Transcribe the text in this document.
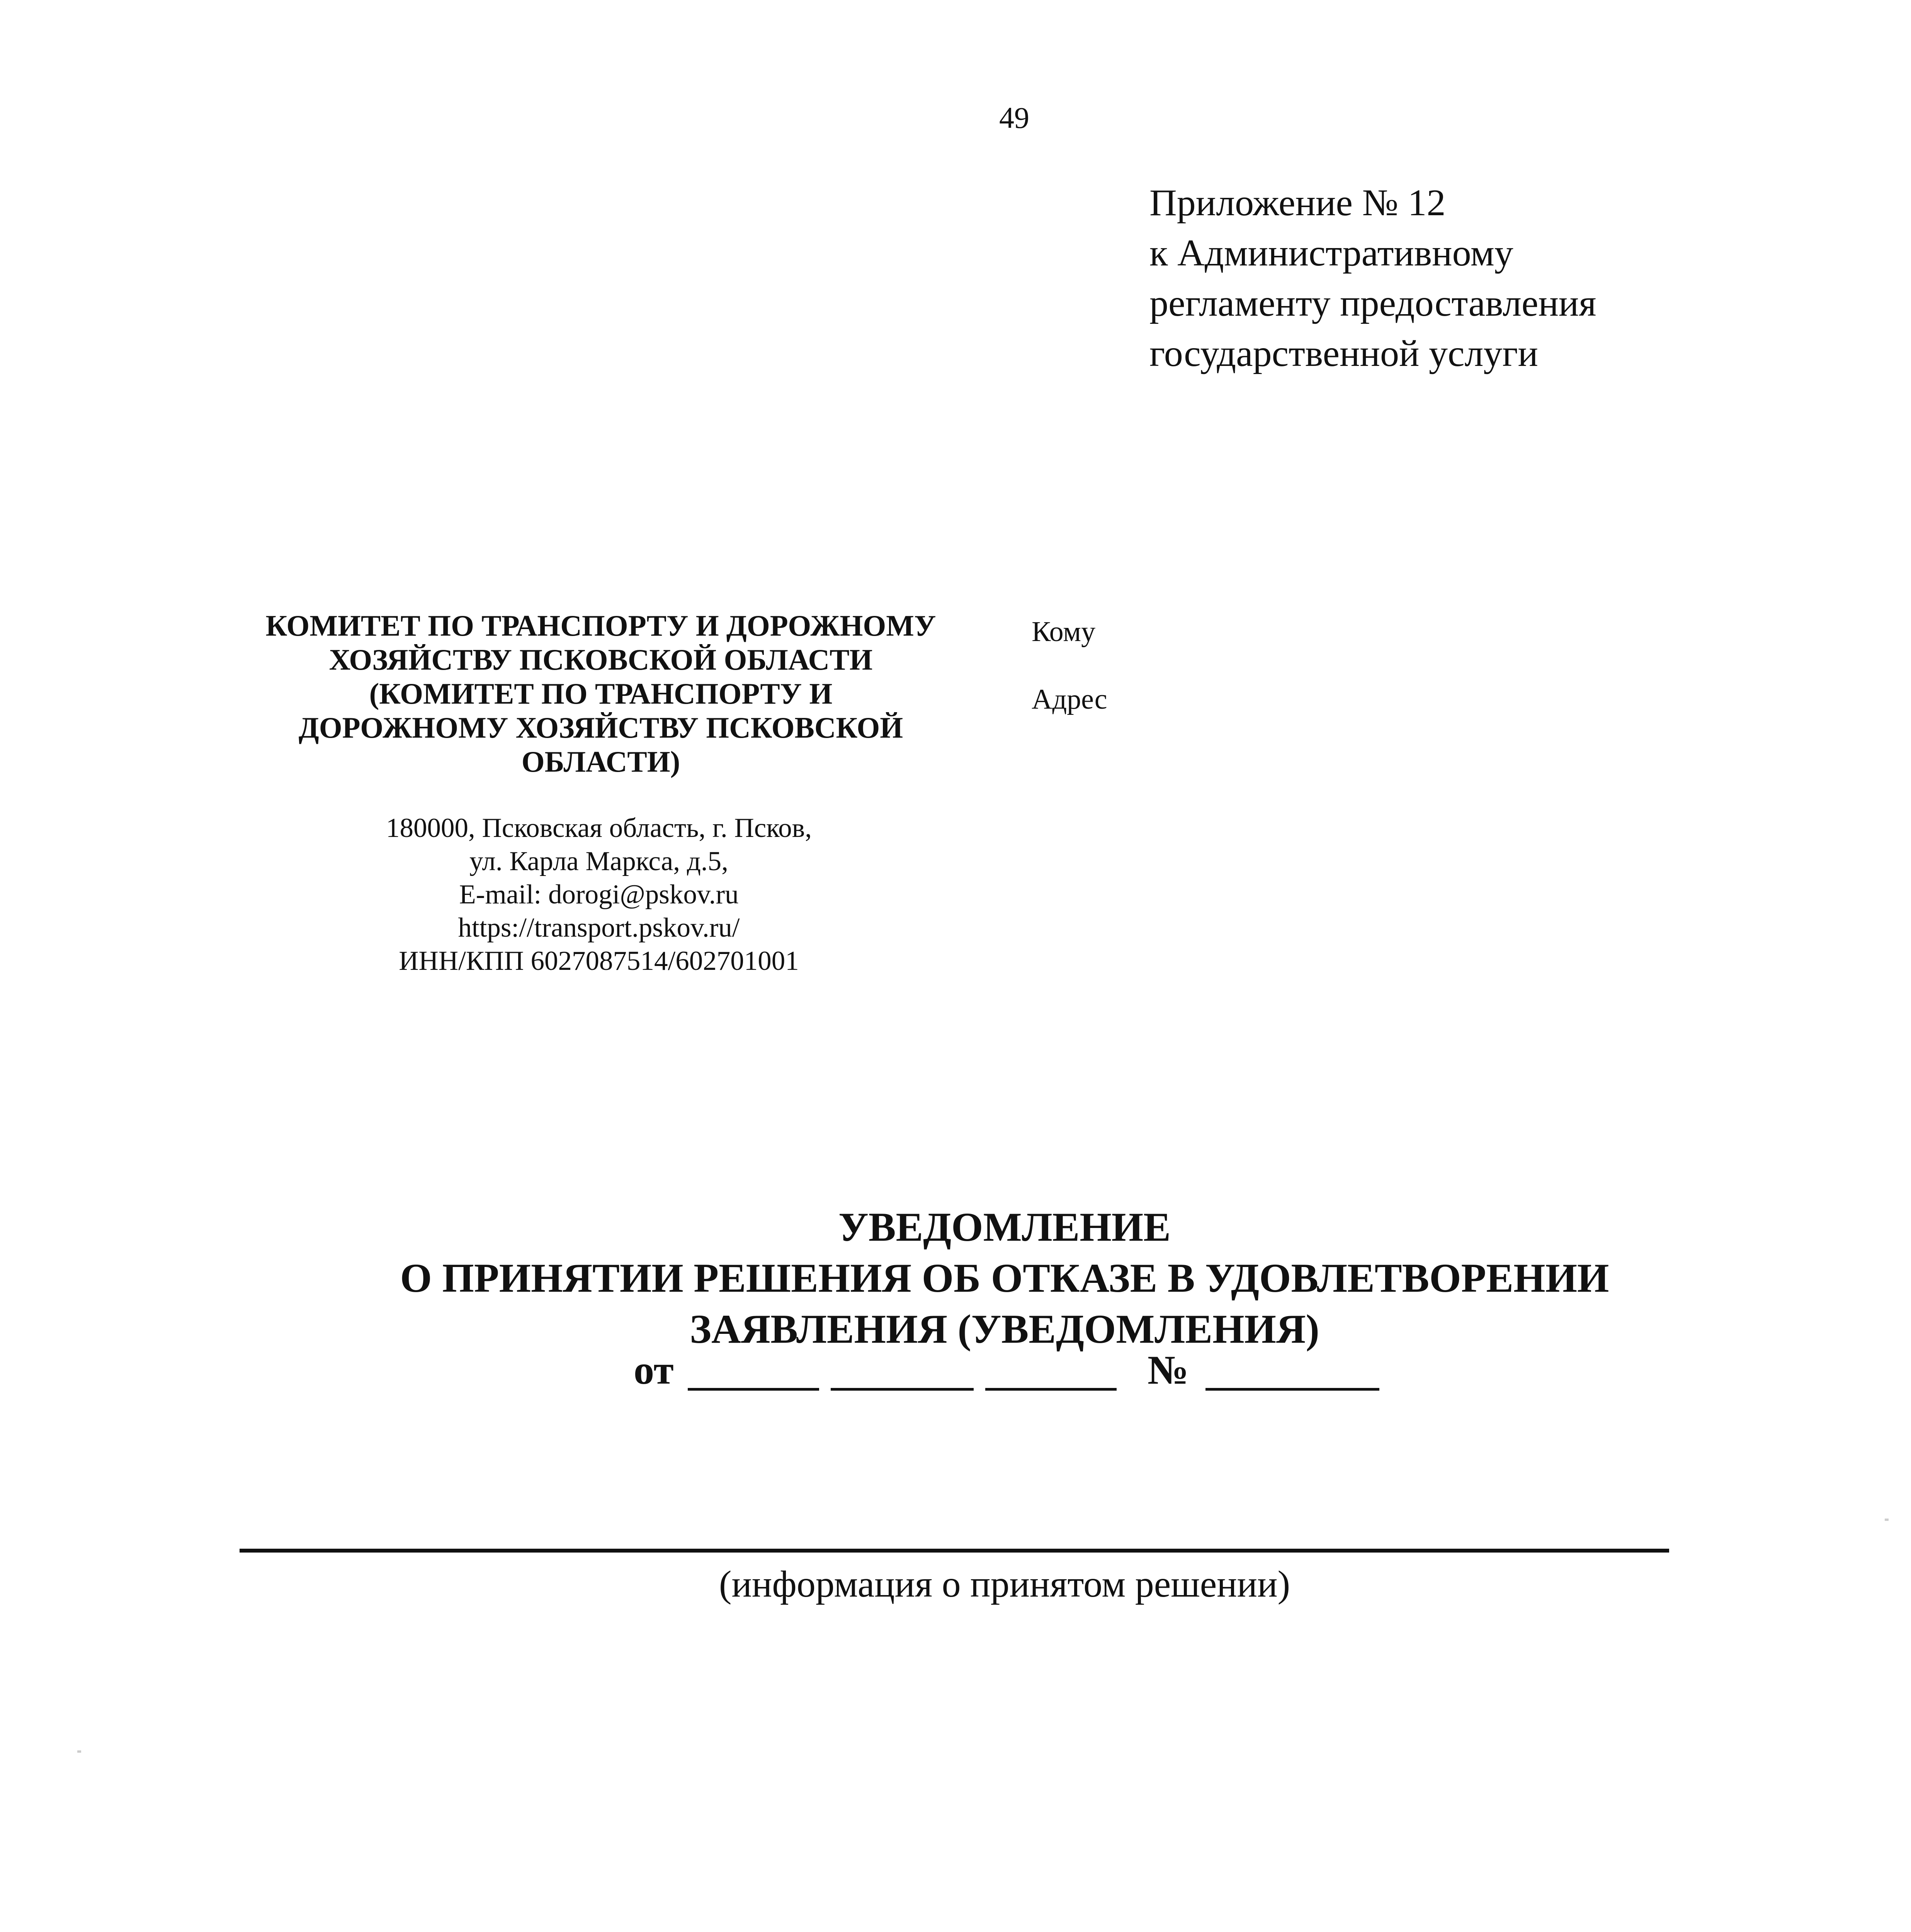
49
Приложение № 12
к Административному
регламенту предоставления
государственной услуги
КОМИТЕТ ПО ТРАНСПОРТУ И ДОРОЖНОМУ
ХОЗЯЙСТВУ ПСКОВСКОЙ ОБЛАСТИ
(КОМИТЕТ ПО ТРАНСПОРТУ И
ДОРОЖНОМУ ХОЗЯЙСТВУ ПСКОВСКОЙ
ОБЛАСТИ)
180000, Псковская область, г. Псков,
ул. Карла Маркса, д.5,
E-mail: dorogi@pskov.ru
https://transport.pskov.ru/
ИНН/КПП 6027087514/602701001
Кому
Адрес
УВЕДОМЛЕНИЕ
О ПРИНЯТИИ РЕШЕНИЯ ОБ ОТКАЗЕ В УДОВЛЕТВОРЕНИИ
ЗАЯВЛЕНИЯ (УВЕДОМЛЕНИЯ)
от	№
(информация о принятом решении)
